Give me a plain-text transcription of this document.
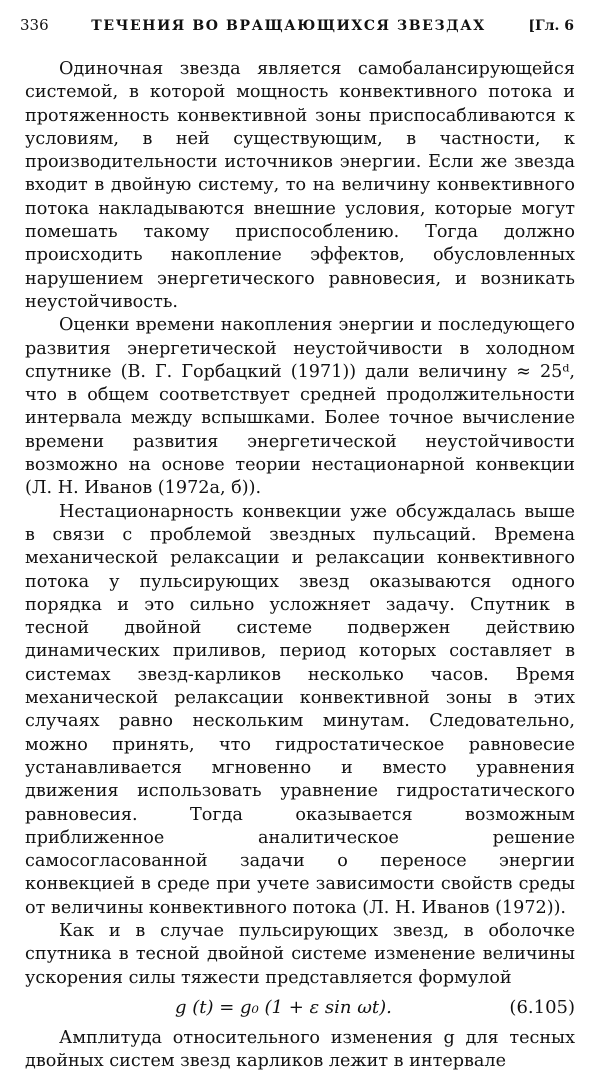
336	ТЕЧЕНИЯ ВО ВРАЩАЮЩИХСЯ ЗВЕЗДАХ	[Гл. 6

Одиночная звезда является самобалансирующейся системой, в которой мощность конвективного потока и протяженность конвективной зоны приспосабливаются к условиям, в ней существующим, в частности, к производительности источников энергии. Если же звезда входит в двойную систему, то на величину конвективного потока накладываются внешние условия, которые могут помешать такому приспособлению. Тогда должно происходить накопление эффектов, обусловленных нарушением энергетического равновесия, и возникать неустойчивость.

Оценки времени накопления энергии и последующего развития энергетической неустойчивости в холодном спутнике (В. Г. Горбацкий (1971)) дали величину ≈ 25ᵈ, что в общем соответствует средней продолжительности интервала между вспышками. Более точное вычисление времени развития энергетической неустойчивости возможно на основе теории нестационарной конвекции (Л. Н. Иванов (1972а, б)).

Нестационарность конвекции уже обсуждалась выше в связи с проблемой звездных пульсаций. Времена механической релаксации и релаксации конвективного потока у пульсирующих звезд оказываются одного порядка и это сильно усложняет задачу. Спутник в тесной двойной системе подвержен действию динамических приливов, период которых составляет в системах звезд-карликов несколько часов. Время механической релаксации конвективной зоны в этих случаях равно нескольким минутам. Следовательно, можно принять, что гидростатическое равновесие устанавливается мгновенно и вместо уравнения движения использовать уравнение гидростатического равновесия. Тогда оказывается возможным приближенное аналитическое решение самосогласованной задачи о переносе энергии конвекцией в среде при учете зависимости свойств среды от величины конвективного потока (Л. Н. Иванов (1972)).

Как и в случае пульсирующих звезд, в оболочке спутника в тесной двойной системе изменение величины ускорения силы тяжести представляется формулой

g (t) = g₀ (1 + ε sin ωt).	(6.105)

Амплитуда относительного изменения g для тесных двойных систем звезд карликов лежит в интервале
